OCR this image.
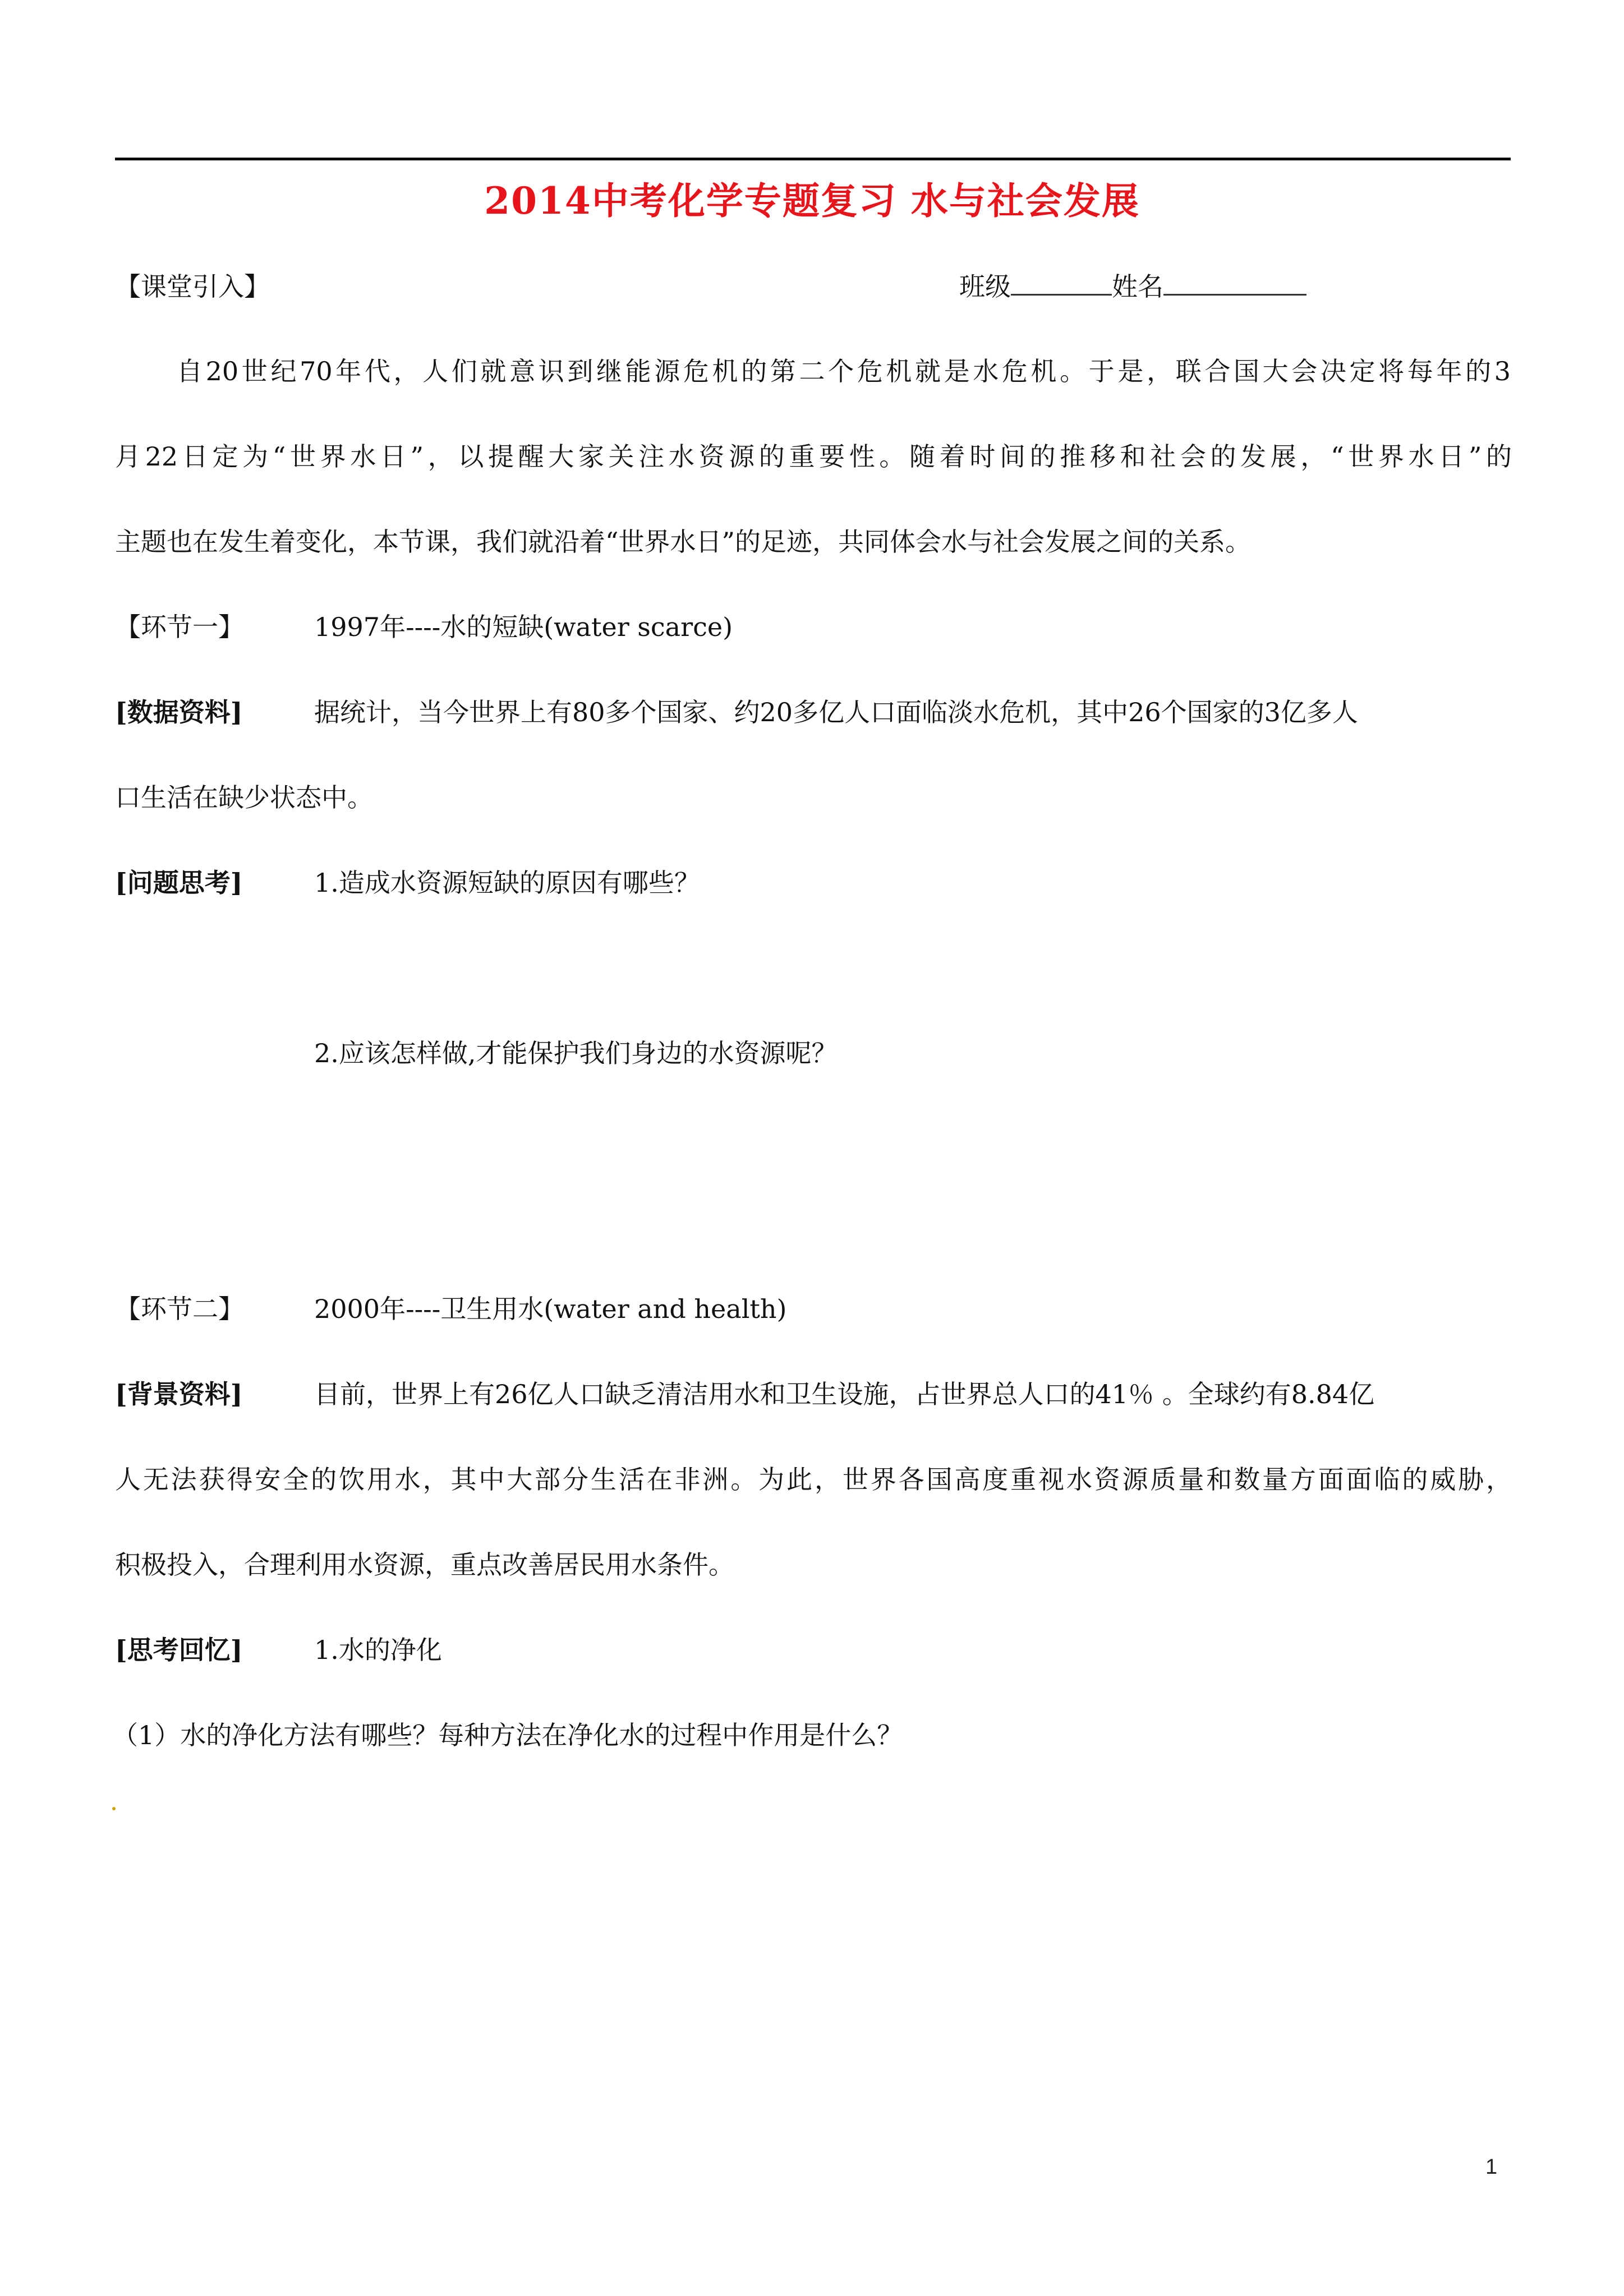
2014中考化学专题复习 水与社会发展
【课堂引入】	班级	姓名
自20世纪70年代，人们就意识到继能源危机的第二个危机就是水危机。于是，联合国大会决定将每年的3
月22日定为“世界水日”，以提醒大家关注水资源的重要性。随着时间的推移和社会的发展，“世界水日”的
主题也在发生着变化，本节课，我们就沿着“世界水日”的足迹，共同体会水与社会发展之间的关系。
【环节一】	1997年----水的短缺(water scarce)
[数据资料]	据统计，当今世界上有80多个国家、约20多亿人口面临淡水危机，其中26个国家的3亿多人
口生活在缺少状态中。
[问题思考]	1.造成水资源短缺的原因有哪些？
2.应该怎样做,才能保护我们身边的水资源呢？
【环节二】	2000年----卫生用水(water and health)
[背景资料]	目前，世界上有26亿人口缺乏清洁用水和卫生设施，占世界总人口的41％ 。全球约有8.84亿
人无法获得安全的饮用水，其中大部分生活在非洲。为此，世界各国高度重视水资源质量和数量方面面临的威胁，
积极投入，合理利用水资源，重点改善居民用水条件。
[思考回忆]	1.水的净化
（1）水的净化方法有哪些？每种方法在净化水的过程中作用是什么？
1
